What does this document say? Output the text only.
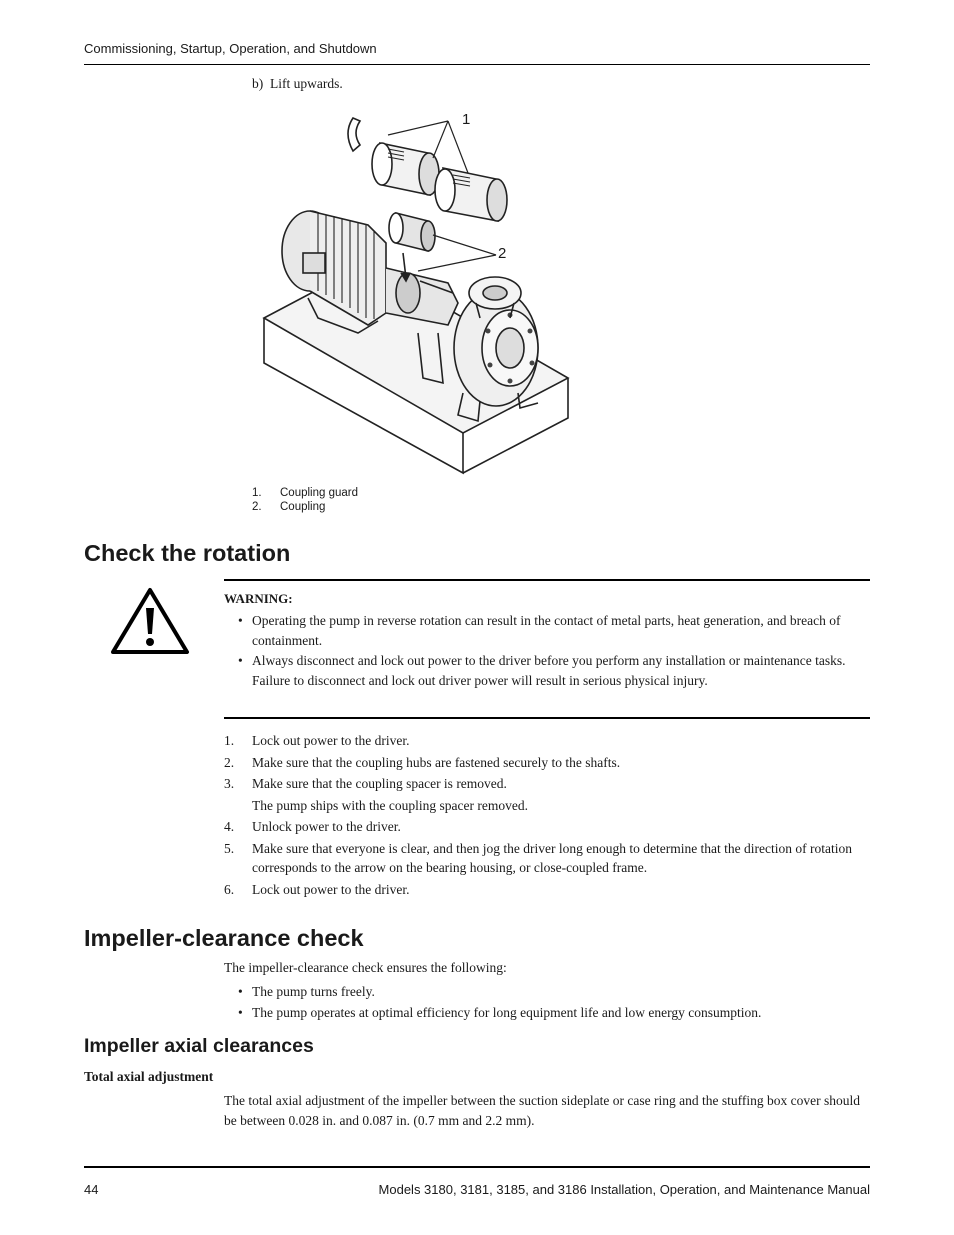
Commissioning, Startup, Operation, and Shutdown
b) Lift upwards.
1
2
1.	Coupling guard
2.	Coupling
Check the rotation
WARNING:
• Operating the pump in reverse rotation can result in the contact of metal parts, heat generation, and breach of containment.
• Always disconnect and lock out power to the driver before you perform any installation or maintenance tasks. Failure to disconnect and lock out driver power will result in serious physical injury.
1.	Lock out power to the driver.
2.	Make sure that the coupling hubs are fastened securely to the shafts.
3.	Make sure that the coupling spacer is removed.
The pump ships with the coupling spacer removed.
4.	Unlock power to the driver.
5.	Make sure that everyone is clear, and then jog the driver long enough to determine that the direction of rotation corresponds to the arrow on the bearing housing, or close-coupled frame.
6.	Lock out power to the driver.
Impeller-clearance check
The impeller-clearance check ensures the following:
• The pump turns freely.
• The pump operates at optimal efficiency for long equipment life and low energy consumption.
Impeller axial clearances
Total axial adjustment
The total axial adjustment of the impeller between the suction sideplate or case ring and the stuffing box cover should be between 0.028 in. and 0.087 in. (0.7 mm and 2.2 mm).
44	Models 3180, 3181, 3185, and 3186 Installation, Operation, and Maintenance Manual
